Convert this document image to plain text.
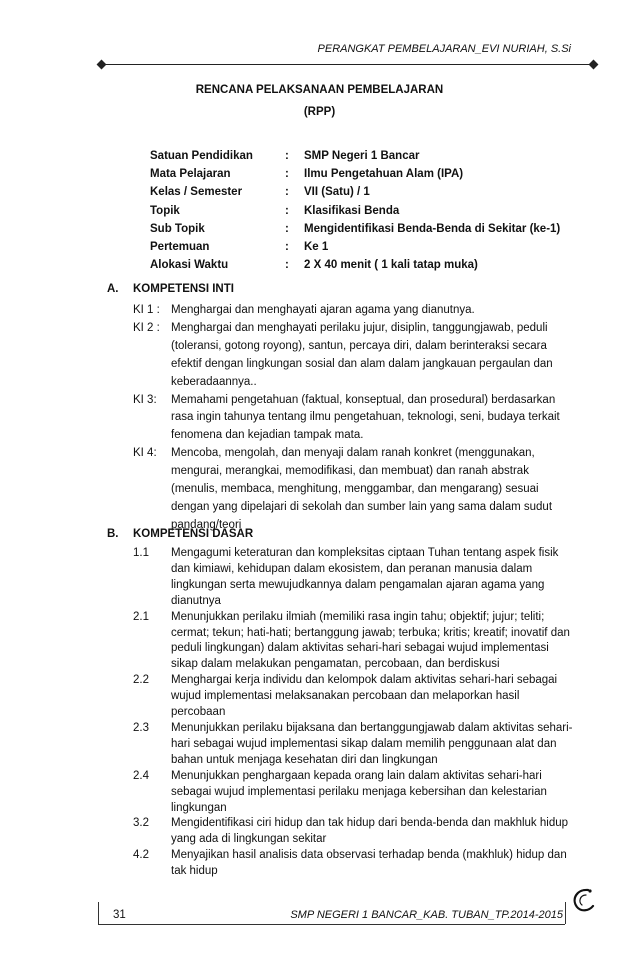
PERANGKAT PEMBELAJARAN_EVI NURIAH, S.Si
RENCANA PELAKSANAAN PEMBELAJARAN
(RPP)
Satuan Pendidikan	:	SMP Negeri 1 Bancar
Mata Pelajaran	:	Ilmu Pengetahuan Alam (IPA)
Kelas / Semester	:	VII (Satu) / 1
Topik	:	Klasifikasi Benda
Sub Topik	:	Mengidentifikasi Benda-Benda di Sekitar (ke-1)
Pertemuan	:	Ke 1
Alokasi Waktu	:	2 X 40 menit ( 1 kali tatap muka)
A. KOMPETENSI INTI
KI 1 : Menghargai dan menghayati ajaran agama yang dianutnya.
KI 2 : Menghargai dan menghayati perilaku jujur, disiplin, tanggungjawab, peduli (toleransi, gotong royong), santun, percaya diri, dalam berinteraksi secara efektif dengan lingkungan sosial dan alam dalam jangkauan pergaulan dan keberadaannya..
KI 3:	Memahami pengetahuan (faktual, konseptual, dan prosedural) berdasarkan rasa ingin tahunya tentang ilmu pengetahuan, teknologi, seni, budaya terkait fenomena dan kejadian tampak mata.
KI 4:	Mencoba, mengolah, dan menyaji dalam ranah konkret (menggunakan, mengurai, merangkai, memodifikasi, dan membuat) dan ranah abstrak (menulis, membaca, menghitung, menggambar, dan mengarang) sesuai dengan yang dipelajari di sekolah dan sumber lain yang sama dalam sudut pandang/teori
B. KOMPETENSI DASAR
1.1	Mengagumi keteraturan dan kompleksitas ciptaan Tuhan tentang aspek fisik dan kimiawi, kehidupan dalam ekosistem, dan peranan manusia dalam lingkungan serta mewujudkannya dalam pengamalan ajaran agama yang dianutnya
2.1	Menunjukkan perilaku ilmiah (memiliki rasa ingin tahu; objektif; jujur; teliti; cermat; tekun; hati-hati; bertanggung jawab; terbuka; kritis; kreatif; inovatif dan peduli lingkungan) dalam aktivitas sehari-hari sebagai wujud implementasi sikap dalam melakukan pengamatan, percobaan, dan berdiskusi
2.2	Menghargai kerja individu dan kelompok dalam aktivitas sehari-hari sebagai wujud implementasi melaksanakan percobaan dan melaporkan hasil percobaan
2.3	Menunjukkan perilaku bijaksana dan bertanggungjawab dalam aktivitas sehari-hari sebagai wujud implementasi sikap dalam memilih penggunaan alat dan bahan untuk menjaga kesehatan diri dan lingkungan
2.4	Menunjukkan penghargaan kepada orang lain dalam aktivitas sehari-hari sebagai wujud implementasi perilaku menjaga kebersihan dan kelestarian lingkungan
3.2	Mengidentifikasi ciri hidup dan tak hidup dari benda-benda dan makhluk hidup yang ada di lingkungan sekitar
4.2	Menyajikan hasil analisis data observasi terhadap benda (makhluk) hidup dan tak hidup
31	SMP NEGERI 1 BANCAR_KAB. TUBAN_TP.2014-2015
